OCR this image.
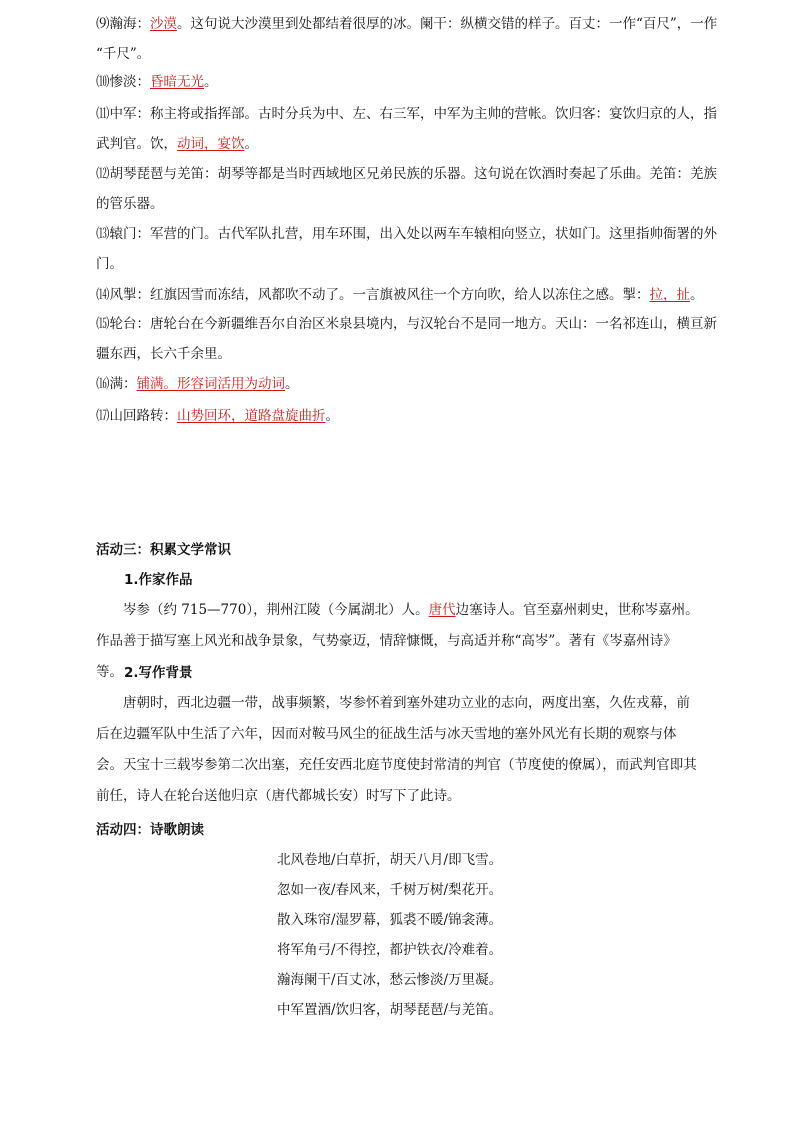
⑼瀚海：沙漠。这句说大沙漠里到处都结着很厚的冰。阑干：纵横交错的样子。百丈：一作“百尺”，一作
“千尺”。
⑽惨淡：昏暗无光。
⑾中军：称主将或指挥部。古时分兵为中、左、右三军，中军为主帅的营帐。饮归客：宴饮归京的人，指
武判官。饮，动词，宴饮。
⑿胡琴琵琶与羌笛：胡琴等都是当时西域地区兄弟民族的乐器。这句说在饮酒时奏起了乐曲。羌笛：羌族
的管乐器。
⒀辕门：军营的门。古代军队扎营，用车环围，出入处以两车车辕相向竖立，状如门。这里指帅衙署的外
门。
⒁风掣：红旗因雪而冻结，风都吹不动了。一言旗被风往一个方向吹，给人以冻住之感。掣：拉，扯。
⒂轮台：唐轮台在今新疆维吾尔自治区米泉县境内，与汉轮台不是同一地方。天山：一名祁连山，横亘新
疆东西，长六千余里。
⒃满：铺满。形容词活用为动词。
⒄山回路转：山势回环，道路盘旋曲折。
活动三：积累文学常识
1.作家作品
岑参（约 715—770），荆州江陵（今属湖北）人。唐代边塞诗人。官至嘉州刺史，世称岑嘉州。作品善于描写塞上风光和战争景象，气势豪迈，情辞慷慨，与高适并称“高岑”。著有《岑嘉州诗》等。 2.写作背景
唐朝时，西北边疆一带，战事频繁，岑参怀着到塞外建功立业的志向，两度出塞，久佐戎幕，前后在边疆军队中生活了六年，因而对鞍马风尘的征战生活与冰天雪地的塞外风光有长期的观察与体会。天宝十三载岑参第二次出塞，充任安西北庭节度使封常清的判官（节度使的僚属），而武判官即其前任，诗人在轮台送他归京（唐代都城长安）时写下了此诗。
活动四：诗歌朗读
北风卷地/白草折，胡天八月/即飞雪。
忽如一夜/春风来，千树万树/梨花开。
散入珠帘/湿罗幕，狐裘不暖/锦衾薄。
将军角弓/不得控，都护铁衣/冷难着。
瀚海阑干/百丈冰，愁云惨淡/万里凝。
中军置酒/饮归客，胡琴琵琶/与羌笛。
